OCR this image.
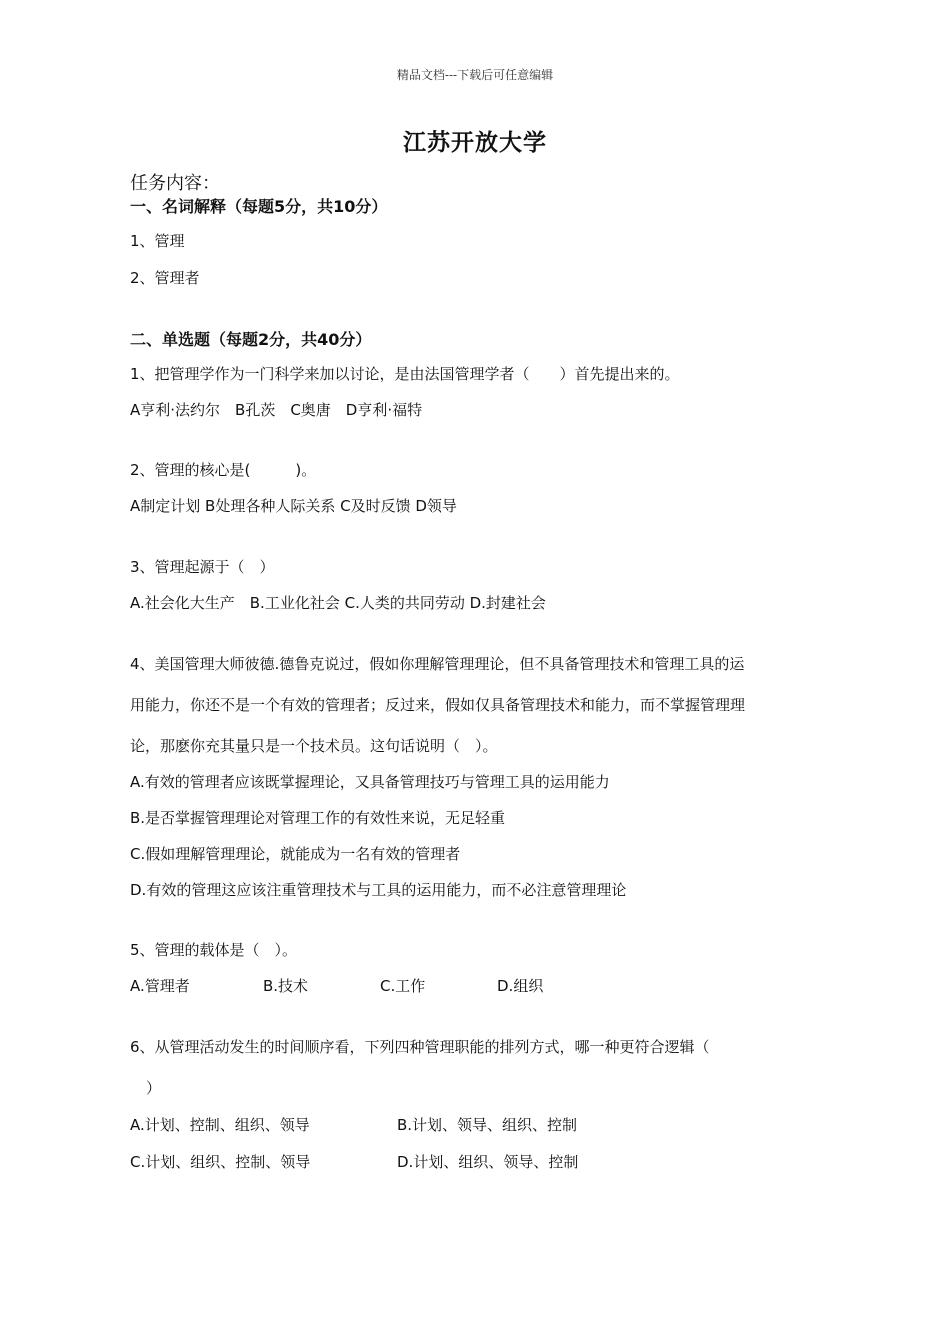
精品文档---下载后可任意编辑
江苏开放大学
任务内容：
一、名词解释（每题5分，共10分）
1、管理
2、管理者
二、单选题（每题2分，共40分）
1、把管理学作为一门科学来加以讨论，是由法国管理学者（　　）首先提出来的。
A亨利·法约尔　B孔茨　C奥唐　D亨利·福特
2、管理的核心是(　　　)。
A制定计划 B处理各种人际关系 C及时反馈 D领导
3、管理起源于（　）
A.社会化大生产　B.工业化社会 C.人类的共同劳动 D.封建社会
4、美国管理大师彼德.德鲁克说过，假如你理解管理理论，但不具备管理技术和管理工具的运
用能力，你还不是一个有效的管理者；反过来，假如仅具备管理技术和能力，而不掌握管理理
论，那麽你充其量只是一个技术员。这句话说明（　）。
A.有效的管理者应该既掌握理论，又具备管理技巧与管理工具的运用能力
B.是否掌握管理理论对管理工作的有效性来说，无足轻重
C.假如理解管理理论，就能成为一名有效的管理者
D.有效的管理这应该注重管理技术与工具的运用能力，而不必注意管理理论
5、管理的载体是（　）。
A.管理者	B.技术	C.工作	D.组织
6、从管理活动发生的时间顺序看，下列四种管理职能的排列方式，哪一种更符合逻辑（
）
A.计划、控制、组织、领导	B.计划、领导、组织、控制
C.计划、组织、控制、领导	D.计划、组织、领导、控制
